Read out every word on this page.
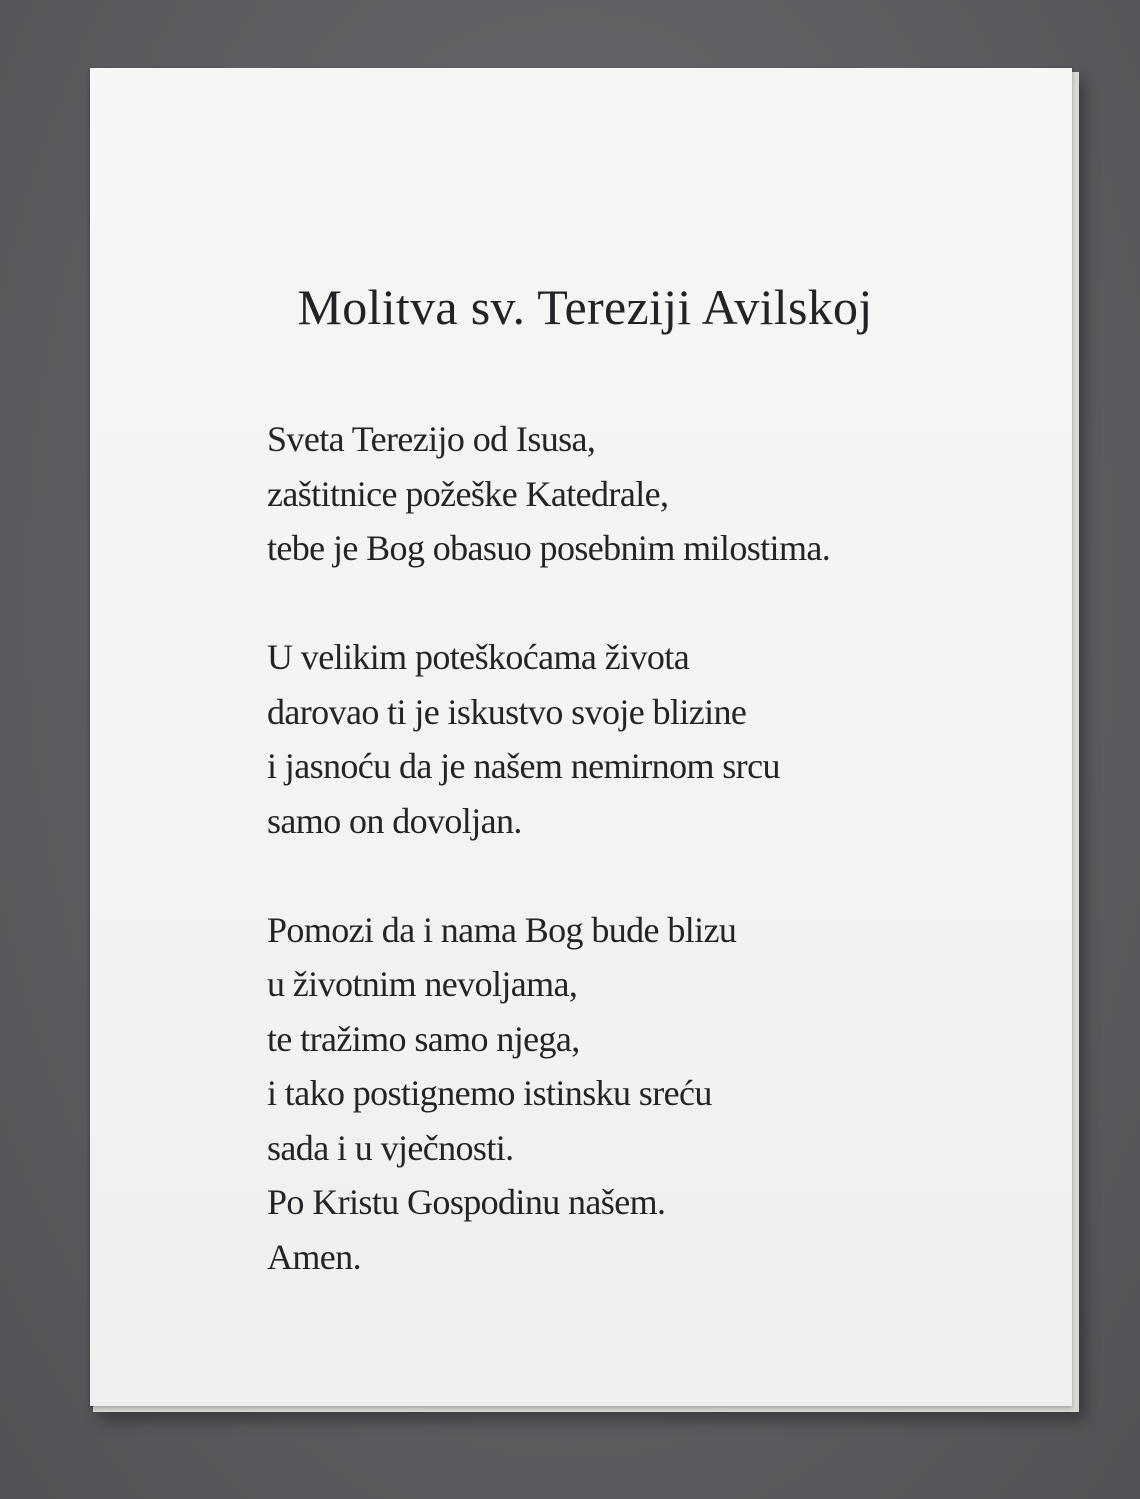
Molitva sv. Tereziji Avilskoj
Sveta Terezijo od Isusa,
zaštitnice požeške Katedrale,
tebe je Bog obasuo posebnim milostima.
U velikim poteškoćama života
darovao ti je iskustvo svoje blizine
i jasnoću da je našem nemirnom srcu
samo on dovoljan.
Pomozi da i nama Bog bude blizu
u životnim nevoljama,
te tražimo samo njega,
i tako postignemo istinsku sreću
sada i u vječnosti.
Po Kristu Gospodinu našem.
Amen.
